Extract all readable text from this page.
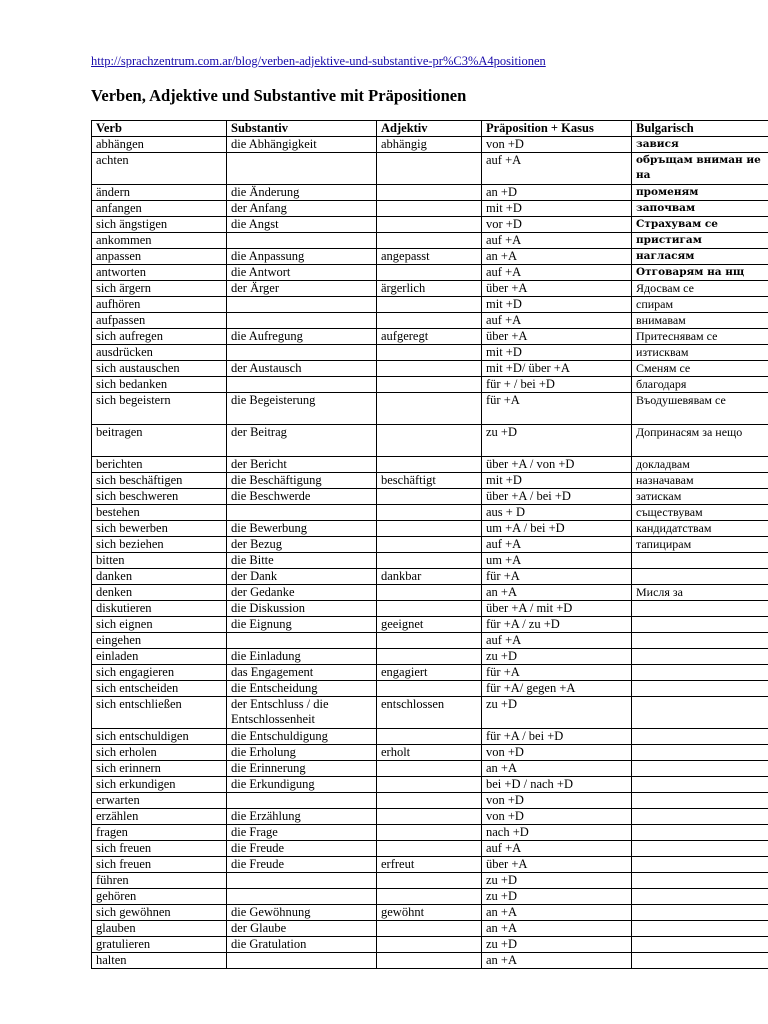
http://sprachzentrum.com.ar/blog/verben-adjektive-und-substantive-pr%C3%A4positionen
Verben, Adjektive und Substantive mit Präpositionen
Verb	Substantiv	Adjektiv	Präposition + Kasus	Bulgarisch
abhängen	die Abhängigkeit	abhängig	von +D	завися
achten			auf +A	обръщам вниман ие на
ändern	die Änderung		an +D	променям
anfangen	der Anfang		mit +D	започвам
sich ängstigen	die Angst		vor +D	Страхувам се
ankommen			auf +A	пристигам
anpassen	die Anpassung	angepasst	an +A	нагласям
antworten	die Antwort		auf +A	Отговарям на нщ
sich ärgern	der Ärger	ärgerlich	über +A	Ядосвам се
aufhören			mit +D	спирам
aufpassen			auf +A	внимавам
sich aufregen	die Aufregung	aufgeregt	über +A	Притеснявам се
ausdrücken			mit +D	изтисквам
sich austauschen	der Austausch		mit +D/ über +A	Сменям се
sich bedanken			für + / bei +D	благодаря
sich begeistern	die Begeisterung		für +A	Въодушевявам се
beitragen	der Beitrag		zu +D	Допринасям за нещо
berichten	der Bericht		über +A / von +D	докладвам
sich beschäftigen	die Beschäftigung	beschäftigt	mit +D	назначавам
sich beschweren	die Beschwerde		über +A / bei +D	затискам
bestehen			aus + D	съществувам
sich bewerben	die Bewerbung		um +A / bei +D	кандидатствам
sich beziehen	der Bezug		auf +A	тапицирам
bitten	die Bitte		um +A	
danken	der Dank	dankbar	für +A	
denken	der Gedanke		an +A	Мисля за
diskutieren	die Diskussion		über +A / mit +D	
sich eignen	die Eignung	geeignet	für +A / zu +D	
eingehen			auf +A	
einladen	die Einladung		zu +D	
sich engagieren	das Engagement	engagiert	für +A	
sich entscheiden	die Entscheidung		für +A/ gegen +A	
sich entschließen	der Entschluss / die Entschlossenheit	entschlossen	zu +D	
sich entschuldigen	die Entschuldigung		für +A / bei +D	
sich erholen	die Erholung	erholt	von +D	
sich erinnern	die Erinnerung		an +A	
sich erkundigen	die Erkundigung		bei +D / nach +D	
erwarten			von +D	
erzählen	die Erzählung		von +D	
fragen	die Frage		nach +D	
sich freuen	die Freude		auf +A	
sich freuen	die Freude	erfreut	über +A	
führen			zu +D	
gehören			zu +D	
sich gewöhnen	die Gewöhnung	gewöhnt	an +A	
glauben	der Glaube		an +A	
gratulieren	die Gratulation		zu +D	
halten			an +A	
